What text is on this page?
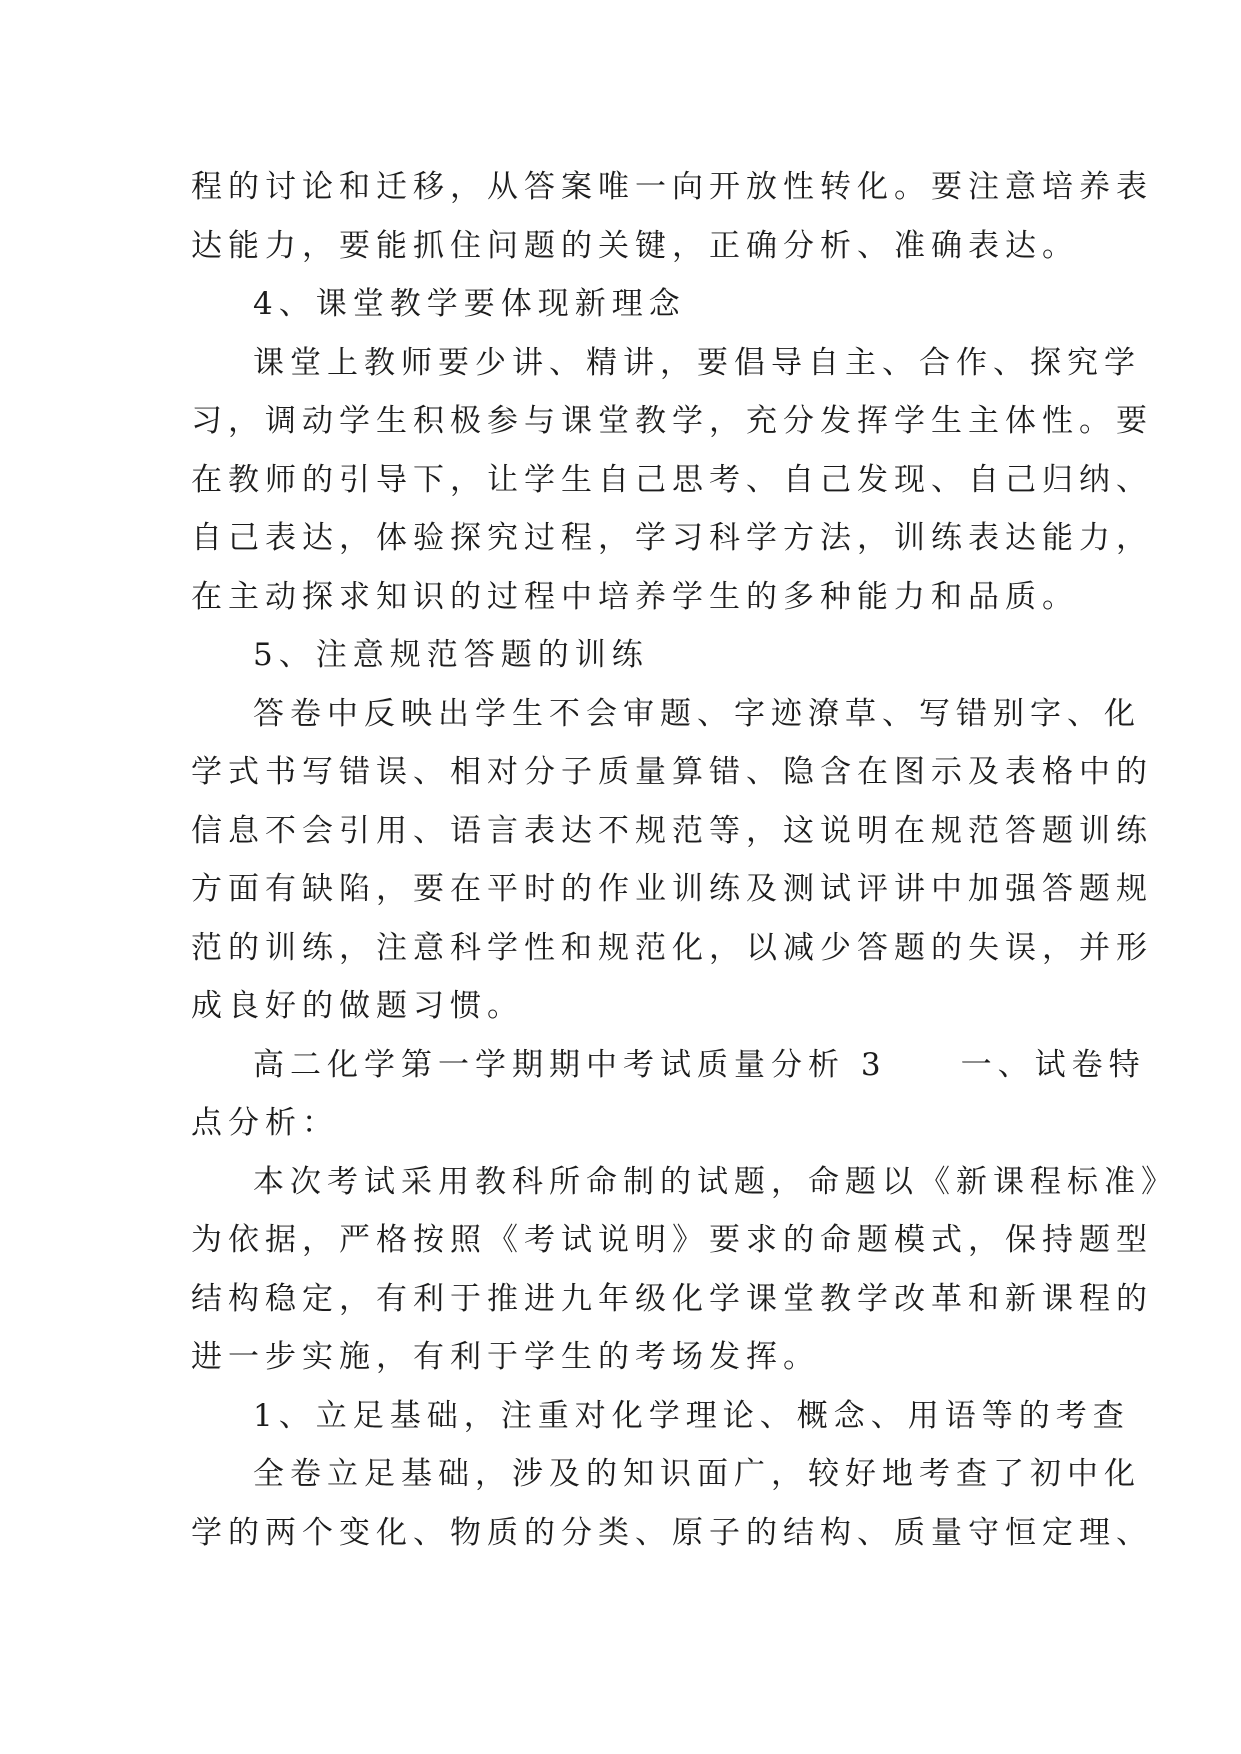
程的讨论和迁移，从答案唯一向开放性转化。要注意培养表
达能力，要能抓住问题的关键，正确分析、准确表达。
4、课堂教学要体现新理念
课堂上教师要少讲、精讲，要倡导自主、合作、探究学
习，调动学生积极参与课堂教学，充分发挥学生主体性。要
在教师的引导下，让学生自己思考、自己发现、自己归纳、
自己表达，体验探究过程，学习科学方法，训练表达能力，
在主动探求知识的过程中培养学生的多种能力和品质。
5、注意规范答题的训练
答卷中反映出学生不会审题、字迹潦草、写错别字、化
学式书写错误、相对分子质量算错、隐含在图示及表格中的
信息不会引用、语言表达不规范等，这说明在规范答题训练
方面有缺陷，要在平时的作业训练及测试评讲中加强答题规
范的训练，注意科学性和规范化，以减少答题的失误，并形
成良好的做题习惯。
高二化学第一学期期中考试质量分析 3　　一、试卷特
点分析：
本次考试采用教科所命制的试题，命题以《新课程标准》
为依据，严格按照《考试说明》要求的命题模式，保持题型
结构稳定，有利于推进九年级化学课堂教学改革和新课程的
进一步实施，有利于学生的考场发挥。
1、立足基础，注重对化学理论、概念、用语等的考查
全卷立足基础，涉及的知识面广，较好地考查了初中化
学的两个变化、物质的分类、原子的结构、质量守恒定理、
